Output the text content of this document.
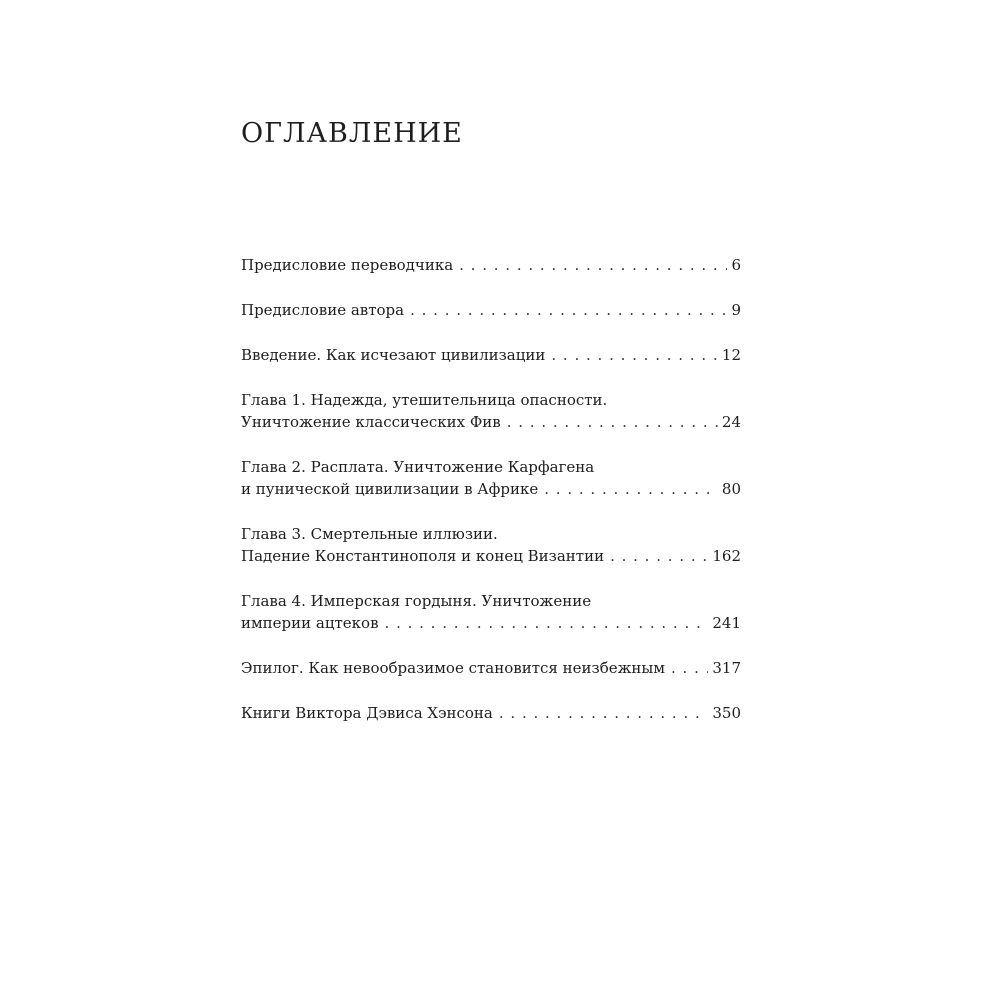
ОГЛАВЛЕНИЕ
Предисловие переводчика . . .	6
Предисловие автора . . .	9
Введение. Как исчезают цивилизации . . .	12
Глава 1. Надежда, утешительница опасности.
Уничтожение классических Фив . . .	24
Глава 2. Расплата. Уничтожение Карфагена
и пунической цивилизации в Африке . . .	80
Глава 3. Смертельные иллюзии.
Падение Константинополя и конец Византии . . .	162
Глава 4. Имперская гордыня. Уничтожение
империи ацтеков . . .	241
Эпилог. Как невообразимое становится неизбежным . . .	317
Книги Виктора Дэвиса Хэнсона . . .	350
